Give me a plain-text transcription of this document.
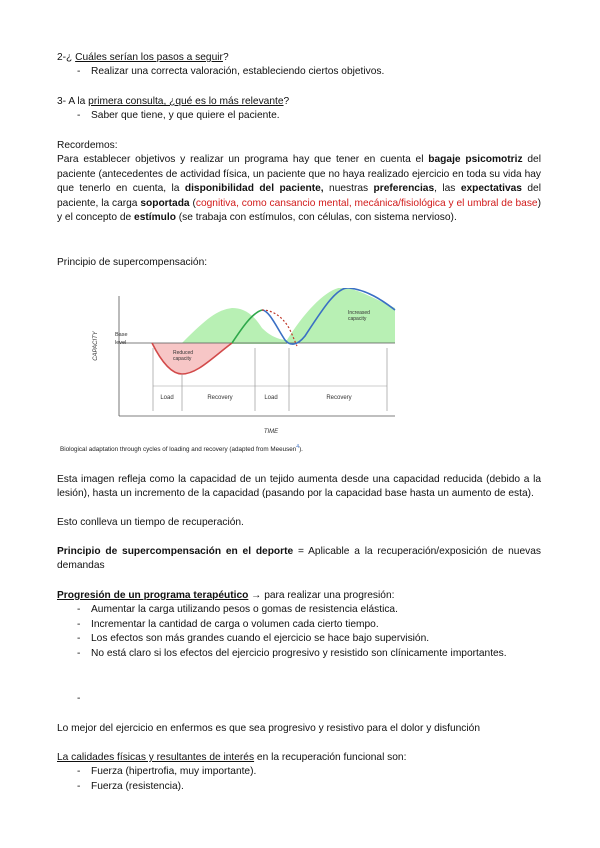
2-¿ Cuáles serían los pasos a seguir?
- Realizar una correcta valoración, estableciendo ciertos objetivos.
3- A la primera consulta, ¿qué es lo más relevante?
- Saber que tiene, y que quiere el paciente.
Recordemos:
Para establecer objetivos y realizar un programa hay que tener en cuenta el bagaje psicomotriz del paciente (antecedentes de actividad física, un paciente que no haya realizado ejercicio en toda su vida hay que tenerlo en cuenta, la disponibilidad del paciente, nuestras preferencias, las expectativas del paciente, la carga soportada (cognitiva, como cansancio mental, mecánica/fisiológica y el umbral de base) y el concepto de estímulo (se trabaja con estímulos, con células, con sistema nervioso).
Principio de supercompensación:
CAPACITY	Base level
Reduced capacity
Increased capacity
Load	Recovery	Load	Recovery
TIME
Biological adaptation through cycles of loading and recovery (adapted from Meeusen$^4$).
Esta imagen refleja como la capacidad de un tejido aumenta desde una capacidad reducida (debido a la lesión), hasta un incremento de la capacidad (pasando por la capacidad base hasta un aumento de esta).
Esto conlleva un tiempo de recuperación.
Principio de supercompensación en el deporte = Aplicable a la recuperación/exposición de nuevas demandas
Progresión de un programa terapéutico → para realizar una progresión:
- Aumentar la carga utilizando pesos o gomas de resistencia elástica.
- Incrementar la cantidad de carga o volumen cada cierto tiempo.
- Los efectos son más grandes cuando el ejercicio se hace bajo supervisión.
- No está claro si los efectos del ejercicio progresivo y resistido son clínicamente importantes.
-
Lo mejor del ejercicio en enfermos es que sea progresivo y resistivo para el dolor y disfunción
La calidades físicas y resultantes de interés en la recuperación funcional son:
- Fuerza (hipertrofia, muy importante).
- Fuerza (resistencia).
